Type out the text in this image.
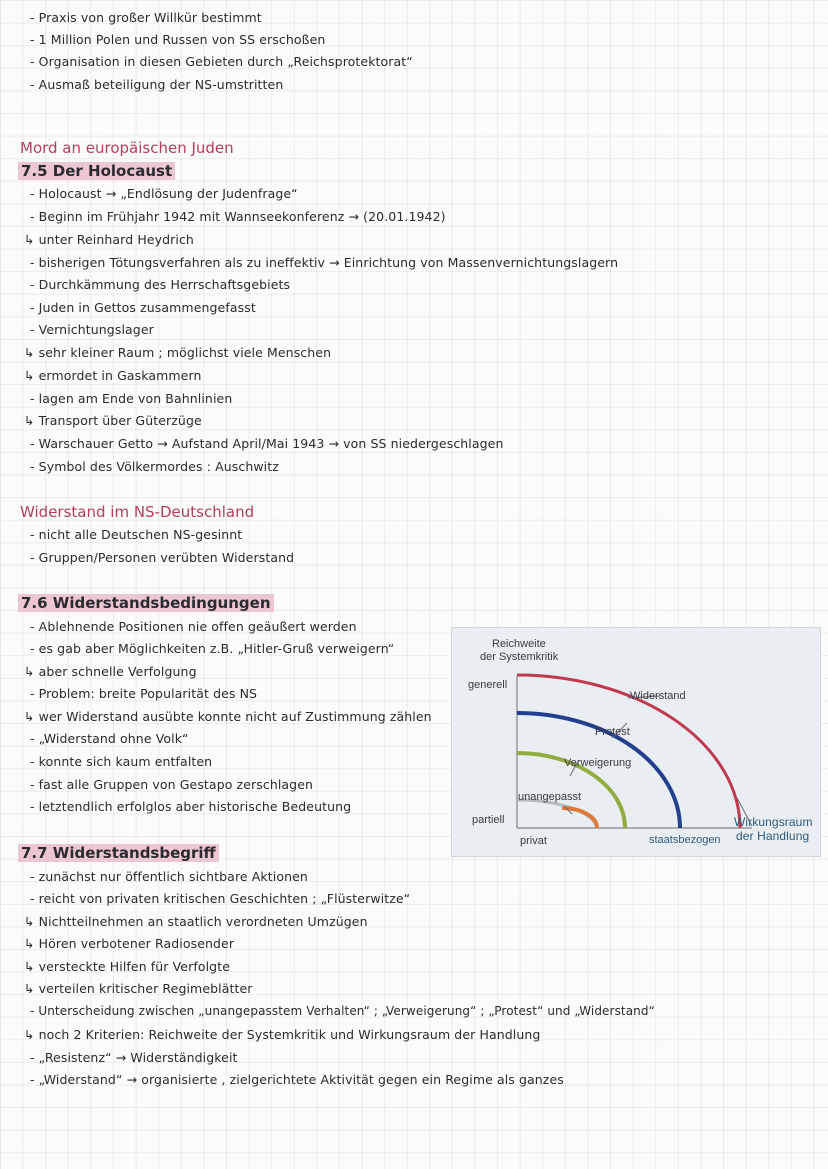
- Praxis von großer Willkür bestimmt
- 1 Million Polen und Russen von SS erschoßen
- Organisation in diesen Gebieten durch „Reichsprotektorat“
- Ausmaß beteiligung der NS-umstritten
Mord an europäischen Juden
7.5 Der Holocaust
- Holocaust → „Endlösung der Judenfrage“
- Beginn im Frühjahr 1942 mit Wannseekonferenz → (20.01.1942)
↳ unter Reinhard Heydrich
- bisherigen Tötungsverfahren als zu ineffektiv → Einrichtung von Massenvernichtungslagern
- Durchkämmung des Herrschaftsgebiets
- Juden in Gettos zusammengefasst
- Vernichtungslager
↳ sehr kleiner Raum ; möglichst viele Menschen
↳ ermordet in Gaskammern
- lagen am Ende von Bahnlinien
↳ Transport über Güterzüge
- Warschauer Getto → Aufstand April/Mai 1943 → von SS niedergeschlagen
- Symbol des Völkermordes : Auschwitz
Widerstand im NS-Deutschland
- nicht alle Deutschen NS-gesinnt
- Gruppen/Personen verübten Widerstand
7.6 Widerstandsbedingungen
- Ablehnende Positionen nie offen geäußert werden
- es gab aber Möglichkeiten z.B. „Hitler-Gruß verweigern“
↳ aber schnelle Verfolgung
- Problem: breite Popularität des NS
↳ wer Widerstand ausübte konnte nicht auf Zustimmung zählen
- „Widerstand ohne Volk“
- konnte sich kaum entfalten
- fast alle Gruppen von Gestapo zerschlagen
- letztendlich erfolglos aber historische Bedeutung
Reichweite
der Systemkritik
generell
partiell
privat	staatsbezogen
Widerstand
Protest
Verweigerung
unangepasst
Wirkungsraum
der Handlung
7.7 Widerstandsbegriff
- zunächst nur öffentlich sichtbare Aktionen
- reicht von privaten kritischen Geschichten ; „Flüsterwitze“
↳ Nichtteilnehmen an staatlich verordneten Umzügen
↳ Hören verbotener Radiosender
↳ versteckte Hilfen für Verfolgte
↳ verteilen kritischer Regimeblätter
- Unterscheidung zwischen „unangepasstem Verhalten“ ; „Verweigerung“ ; „Protest“ und „Widerstand“
↳ noch 2 Kriterien: Reichweite der Systemkritik und Wirkungsraum der Handlung
- „Resistenz“ → Widerständigkeit
- „Widerstand“ → organisierte , zielgerichtete Aktivität gegen ein Regime als ganzes
